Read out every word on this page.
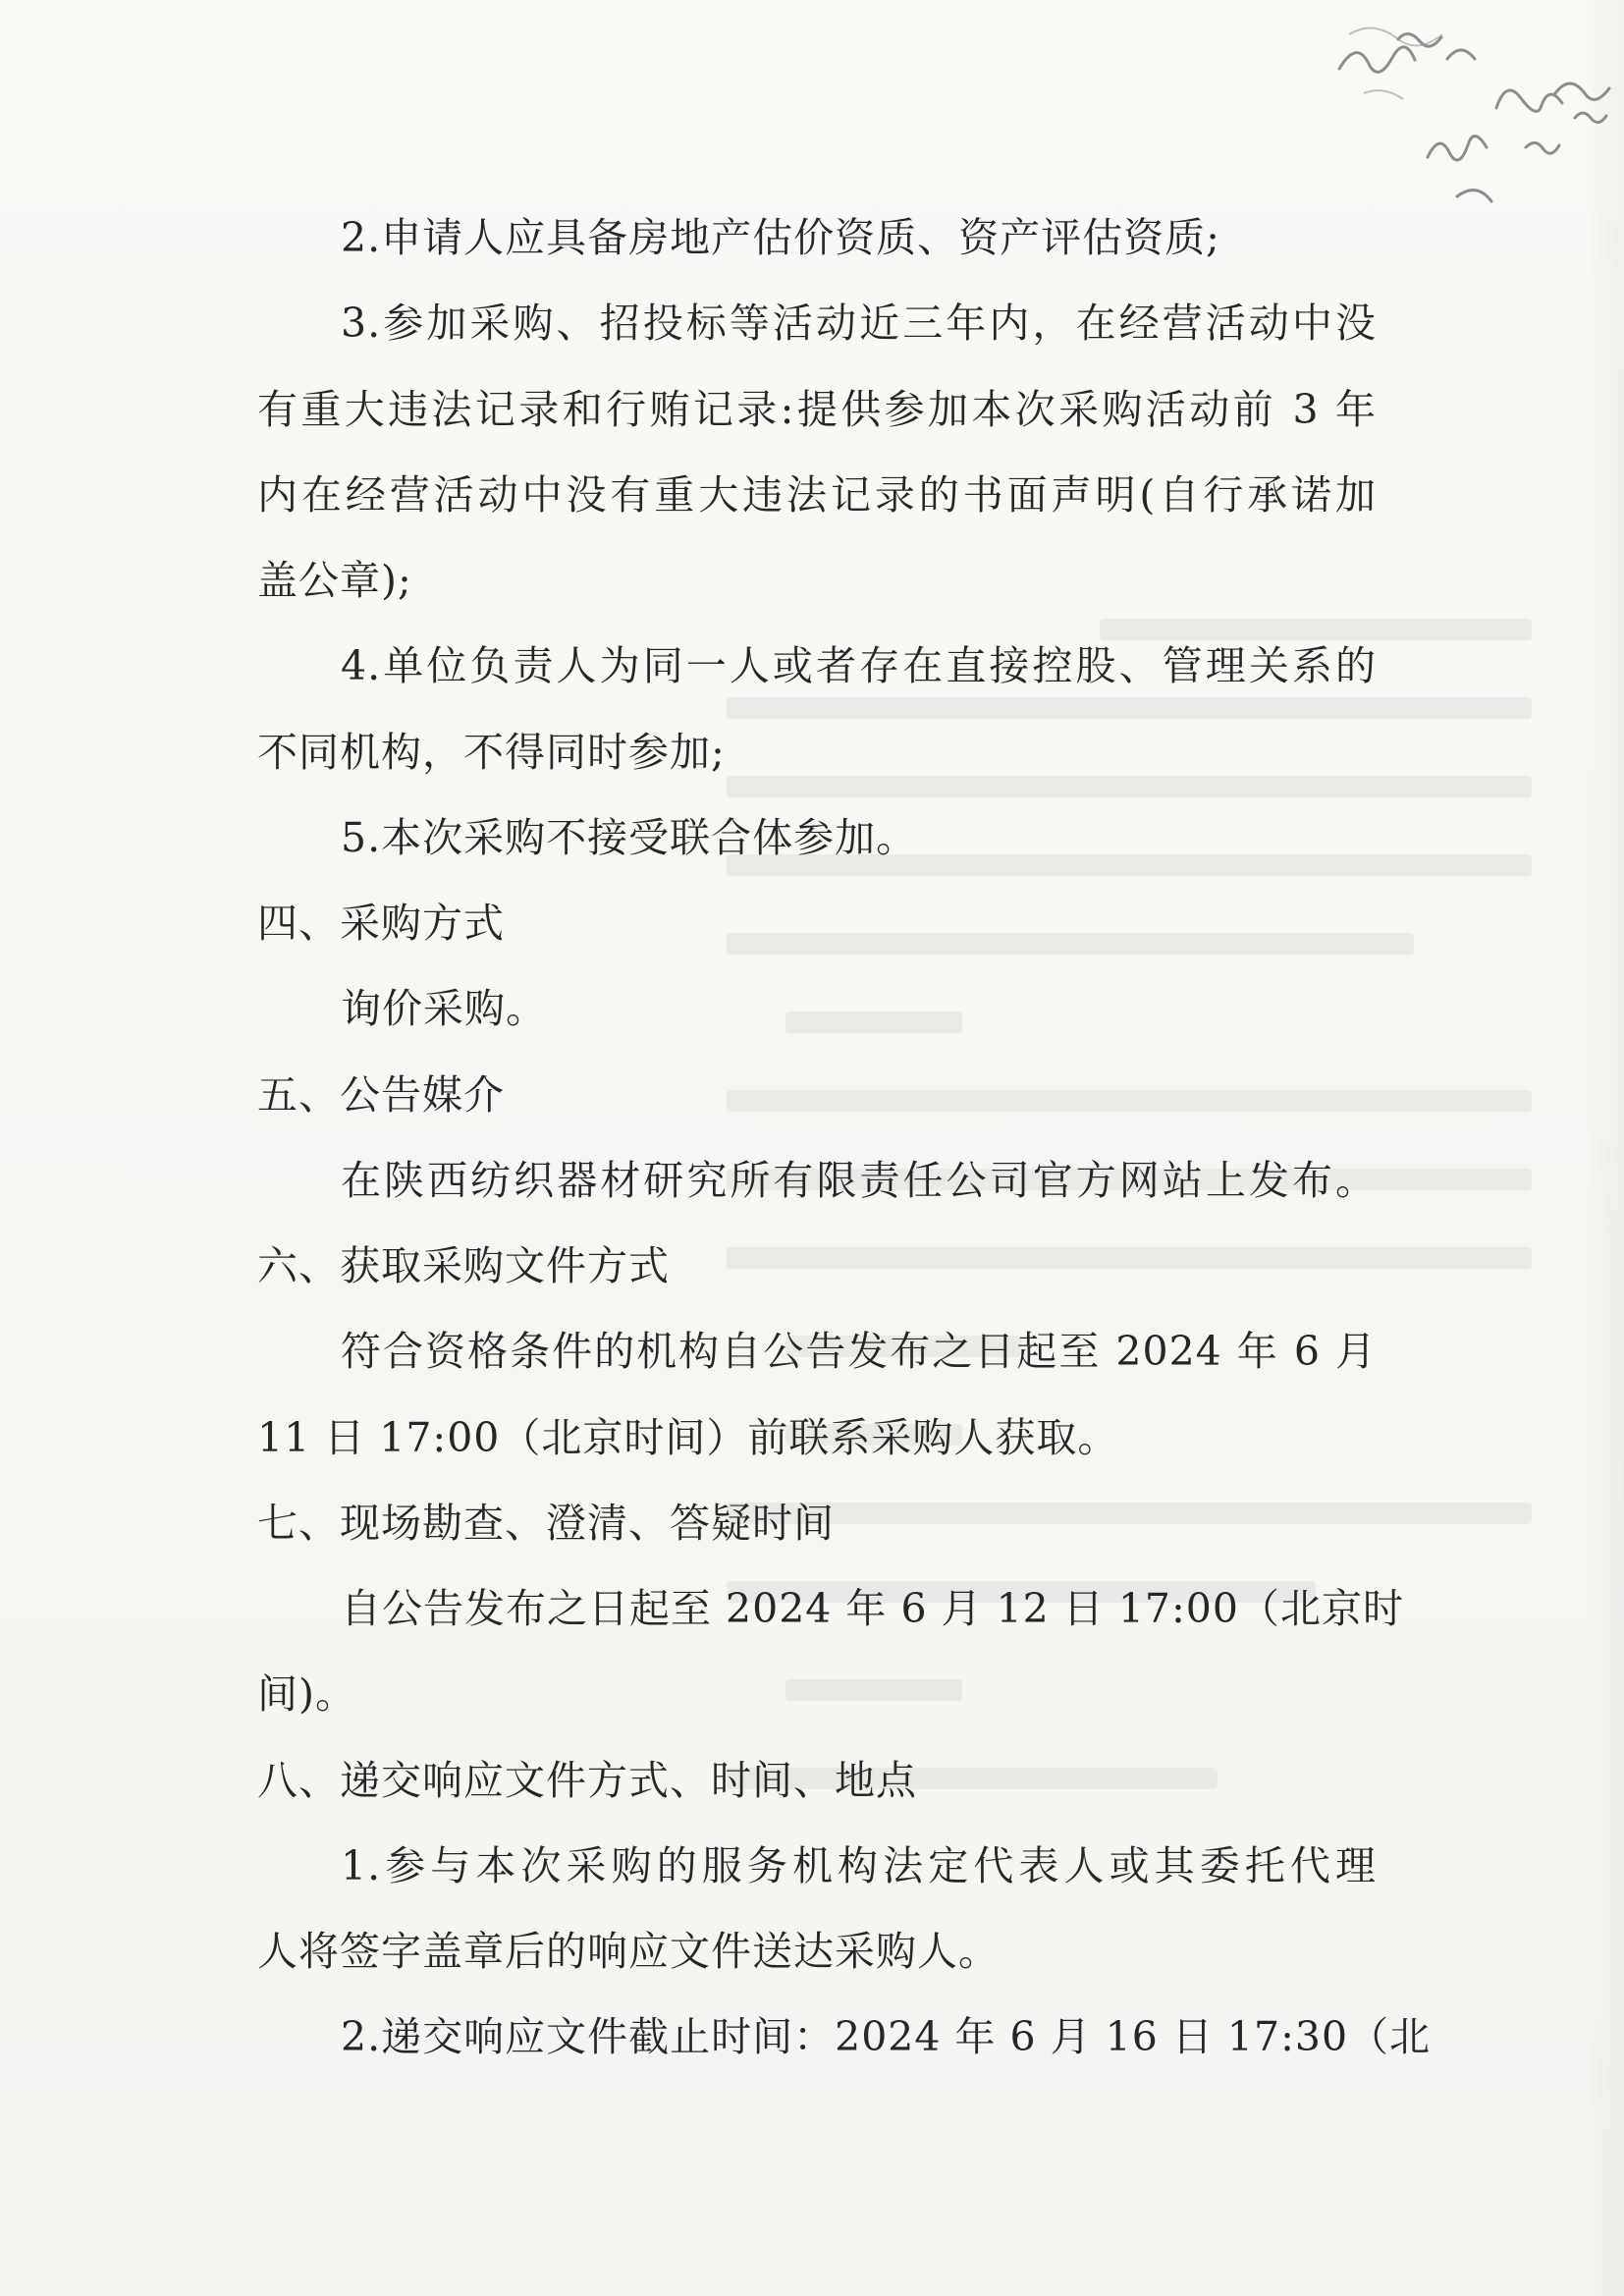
2.申请人应具备房地产估价资质、资产评估资质;

3.参加采购、招投标等活动近三年内，在经营活动中没

有重大违法记录和行贿记录:提供参加本次采购活动前 3 年

内在经营活动中没有重大违法记录的书面声明(自行承诺加

盖公章);

4.单位负责人为同一人或者存在直接控股、管理关系的

不同机构，不得同时参加;

5.本次采购不接受联合体参加。

四、采购方式

询价采购。

五、公告媒介

在陕西纺织器材研究所有限责任公司官方网站上发布。

六、获取采购文件方式

符合资格条件的机构自公告发布之日起至 2024 年 6 月

11 日 17:00（北京时间）前联系采购人获取。

七、现场勘查、澄清、答疑时间

自公告发布之日起至 2024 年 6 月 12 日 17:00（北京时

间)。

八、递交响应文件方式、时间、地点

1.参与本次采购的服务机构法定代表人或其委托代理

人将签字盖章后的响应文件送达采购人。

2.递交响应文件截止时间：2024 年 6 月 16 日 17:30（北
